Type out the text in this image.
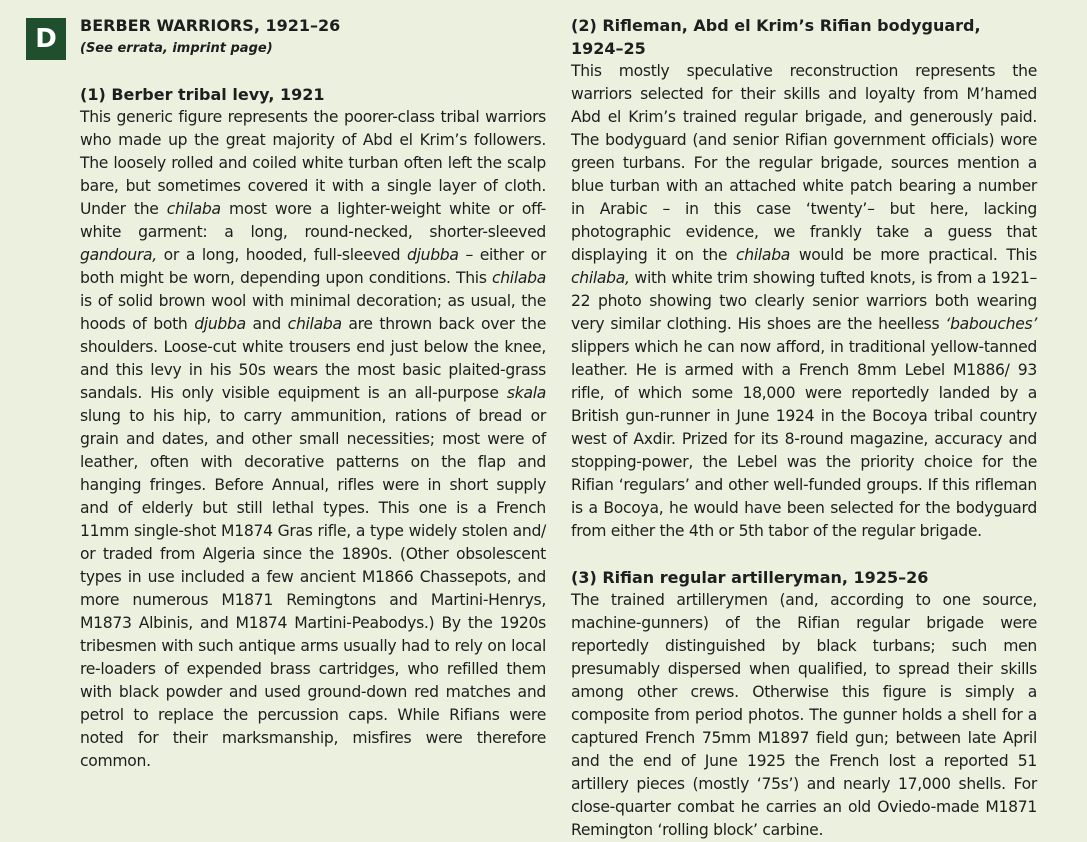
D	BERBER WARRIORS, 1921–26
(See errata, imprint page)
(1) Berber tribal levy, 1921

This generic figure represents the poorer-class tribal warriors who made up the great majority of Abd el Krim’s followers. The loosely rolled and coiled white turban often left the scalp bare, but sometimes covered it with a single layer of cloth. Under the chilaba most wore a lighter-weight white or off-white garment: a long, round-necked, shorter-sleeved gandoura, or a long, hooded, full-sleeved djubba – either or both might be worn, depending upon conditions. This chilaba is of solid brown wool with minimal decoration; as usual, the hoods of both djubba and chilaba are thrown back over the shoulders. Loose-cut white trousers end just below the knee, and this levy in his 50s wears the most basic plaited-grass sandals. His only visible equipment is an all-purpose skala slung to his hip, to carry ammunition, rations of bread or grain and dates, and other small necessities; most were of leather, often with decorative patterns on the flap and hanging fringes. Before Annual, rifles were in short supply and of elderly but still lethal types. This one is a French 11mm single-shot M1874 Gras rifle, a type widely stolen and/ or traded from Algeria since the 1890s. (Other obsolescent types in use included a few ancient M1866 Chassepots, and more numerous M1871 Remingtons and Martini-Henrys, M1873 Albinis, and M1874 Martini-Peabodys.) By the 1920s tribesmen with such antique arms usually had to rely on local re-loaders of expended brass cartridges, who refilled them with black powder and used ground-down red matches and petrol to replace the percussion caps. While Rifians were noted for their marksmanship, misfires were therefore common.

(2) Rifleman, Abd el Krim’s Rifian bodyguard, 1924–25

This mostly speculative reconstruction represents the warriors selected for their skills and loyalty from M’hamed Abd el Krim’s trained regular brigade, and generously paid. The bodyguard (and senior Rifian government officials) wore green turbans. For the regular brigade, sources mention a blue turban with an attached white patch bearing a number in Arabic – in this case ‘twenty’– but here, lacking photographic evidence, we frankly take a guess that displaying it on the chilaba would be more practical. This chilaba, with white trim showing tufted knots, is from a 1921–22 photo showing two clearly senior warriors both wearing very similar clothing. His shoes are the heelless ‘babouches’ slippers which he can now afford, in traditional yellow-tanned leather. He is armed with a French 8mm Lebel M1886/ 93 rifle, of which some 18,000 were reportedly landed by a British gun-runner in June 1924 in the Bocoya tribal country west of Axdir. Prized for its 8-round magazine, accuracy and stopping-power, the Lebel was the priority choice for the Rifian ‘regulars’ and other well-funded groups. If this rifleman is a Bocoya, he would have been selected for the bodyguard from either the 4th or 5th tabor of the regular brigade.

(3) Rifian regular artilleryman, 1925–26

The trained artillerymen (and, according to one source, machine-gunners) of the Rifian regular brigade were reportedly distinguished by black turbans; such men presumably dispersed when qualified, to spread their skills among other crews. Otherwise this figure is simply a composite from period photos. The gunner holds a shell for a captured French 75mm M1897 field gun; between late April and the end of June 1925 the French lost a reported 51 artillery pieces (mostly ‘75s’) and nearly 17,000 shells. For close-quarter combat he carries an old Oviedo-made M1871 Remington ‘rolling block’ carbine.
